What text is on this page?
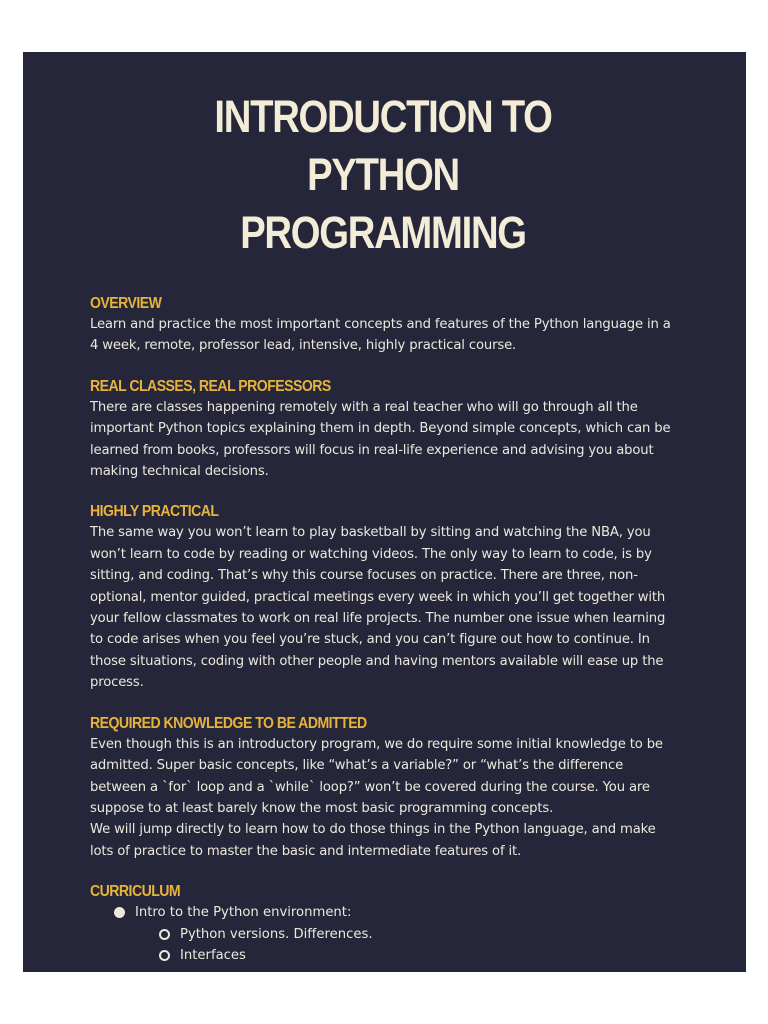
INTRODUCTION TO PYTHON
PROGRAMMING
OVERVIEW

Learn and practice the most important concepts and features of the Python language in a 4 week, remote, professor lead, intensive, highly practical course.

REAL CLASSES, REAL PROFESSORS

There are classes happening remotely with a real teacher who will go through all the important Python topics explaining them in depth. Beyond simple concepts, which can be learned from books, professors will focus in real-life experience and advising you about making technical decisions.

HIGHLY PRACTICAL

The same way you won’t learn to play basketball by sitting and watching the NBA, you won’t learn to code by reading or watching videos. The only way to learn to code, is by sitting, and coding. That’s why this course focuses on practice. There are three, non-optional, mentor guided, practical meetings every week in which you’ll get together with your fellow classmates to work on real life projects. The number one issue when learning to code arises when you feel you’re stuck, and you can’t figure out how to continue. In those situations, coding with other people and having mentors available will ease up the process.

REQUIRED KNOWLEDGE TO BE ADMITTED

Even though this is an introductory program, we do require some initial knowledge to be admitted. Super basic concepts, like “what’s a variable?” or “what’s the difference between a `for` loop and a `while` loop?” won’t be covered during the course. You are suppose to at least barely know the most basic programming concepts.

We will jump directly to learn how to do those things in the Python language, and make lots of practice to master the basic and intermediate features of it.

CURRICULUM
Intro to the Python environment:
Python versions. Differences.
Interfaces
